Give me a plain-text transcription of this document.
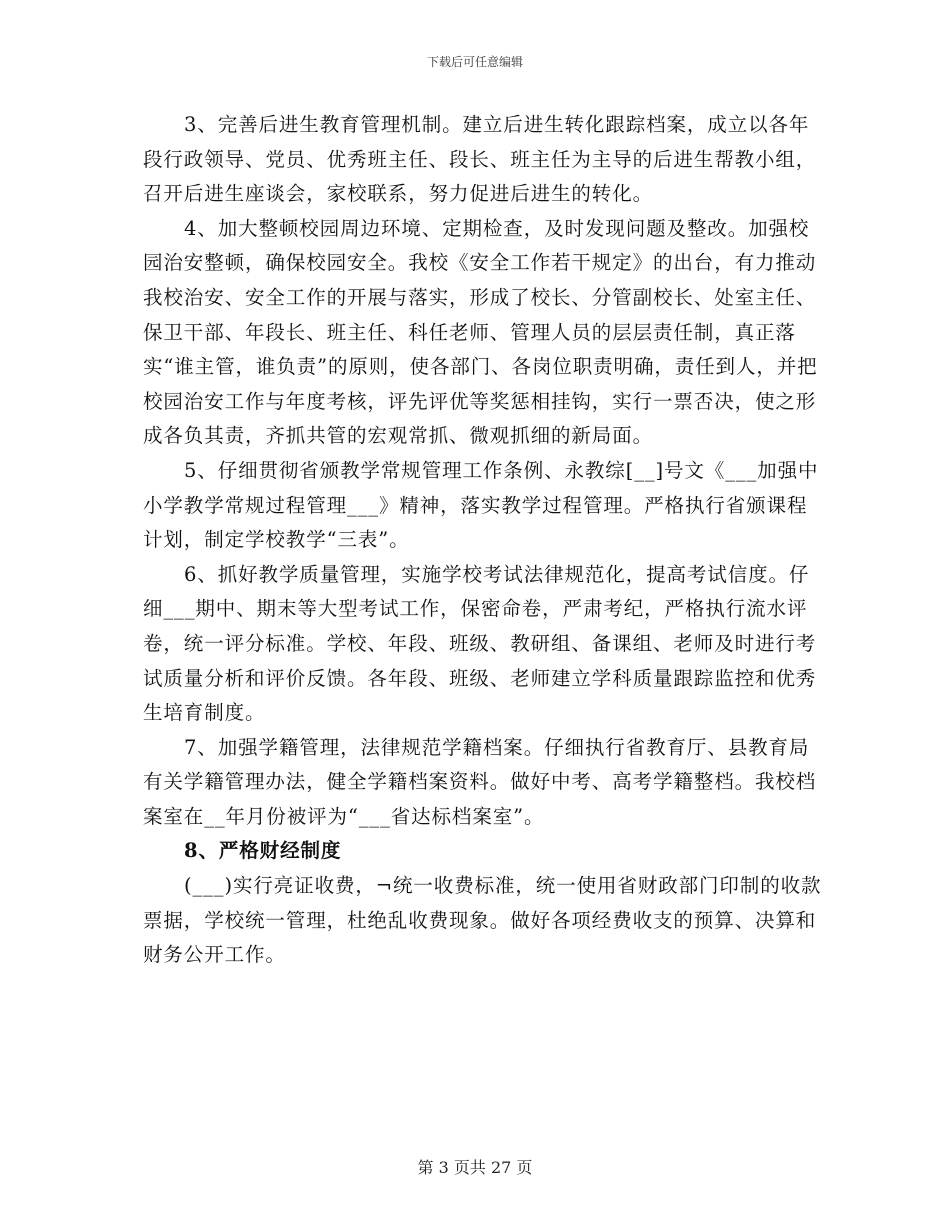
下载后可任意编辑

3、完善后进生教育管理机制。建立后进生转化跟踪档案，成立以各年段行政领导、党员、优秀班主任、段长、班主任为主导的后进生帮教小组，召开后进生座谈会，家校联系，努力促进后进生的转化。

4、加大整顿校园周边环境、定期检查，及时发现问题及整改。加强校园治安整顿，确保校园安全。我校《安全工作若干规定》的出台，有力推动我校治安、安全工作的开展与落实，形成了校长、分管副校长、处室主任、保卫干部、年段长、班主任、科任老师、管理人员的层层责任制，真正落实“谁主管，谁负责”的原则，使各部门、各岗位职责明确，责任到人，并把校园治安工作与年度考核，评先评优等奖惩相挂钩，实行一票否决，使之形成各负其责，齐抓共管的宏观常抓、微观抓细的新局面。

5、仔细贯彻省颁教学常规管理工作条例、永教综[__]号文《___加强中小学教学常规过程管理___》精神，落实教学过程管理。严格执行省颁课程计划，制定学校教学“三表”。

6、抓好教学质量管理，实施学校考试法律规范化，提高考试信度。仔细___期中、期末等大型考试工作，保密命卷，严肃考纪，严格执行流水评卷，统一评分标准。学校、年段、班级、教研组、备课组、老师及时进行考试质量分析和评价反馈。各年段、班级、老师建立学科质量跟踪监控和优秀生培育制度。

7、加强学籍管理，法律规范学籍档案。仔细执行省教育厅、县教育局有关学籍管理办法，健全学籍档案资料。做好中考、高考学籍整档。我校档案室在__年月份被评为“___省达标档案室”。

8、严格财经制度

(___)实行亮证收费，¬统一收费标准，统一使用省财政部门印制的收款票据，学校统一管理，杜绝乱收费现象。做好各项经费收支的预算、决算和财务公开工作。

第 3 页共 27 页
